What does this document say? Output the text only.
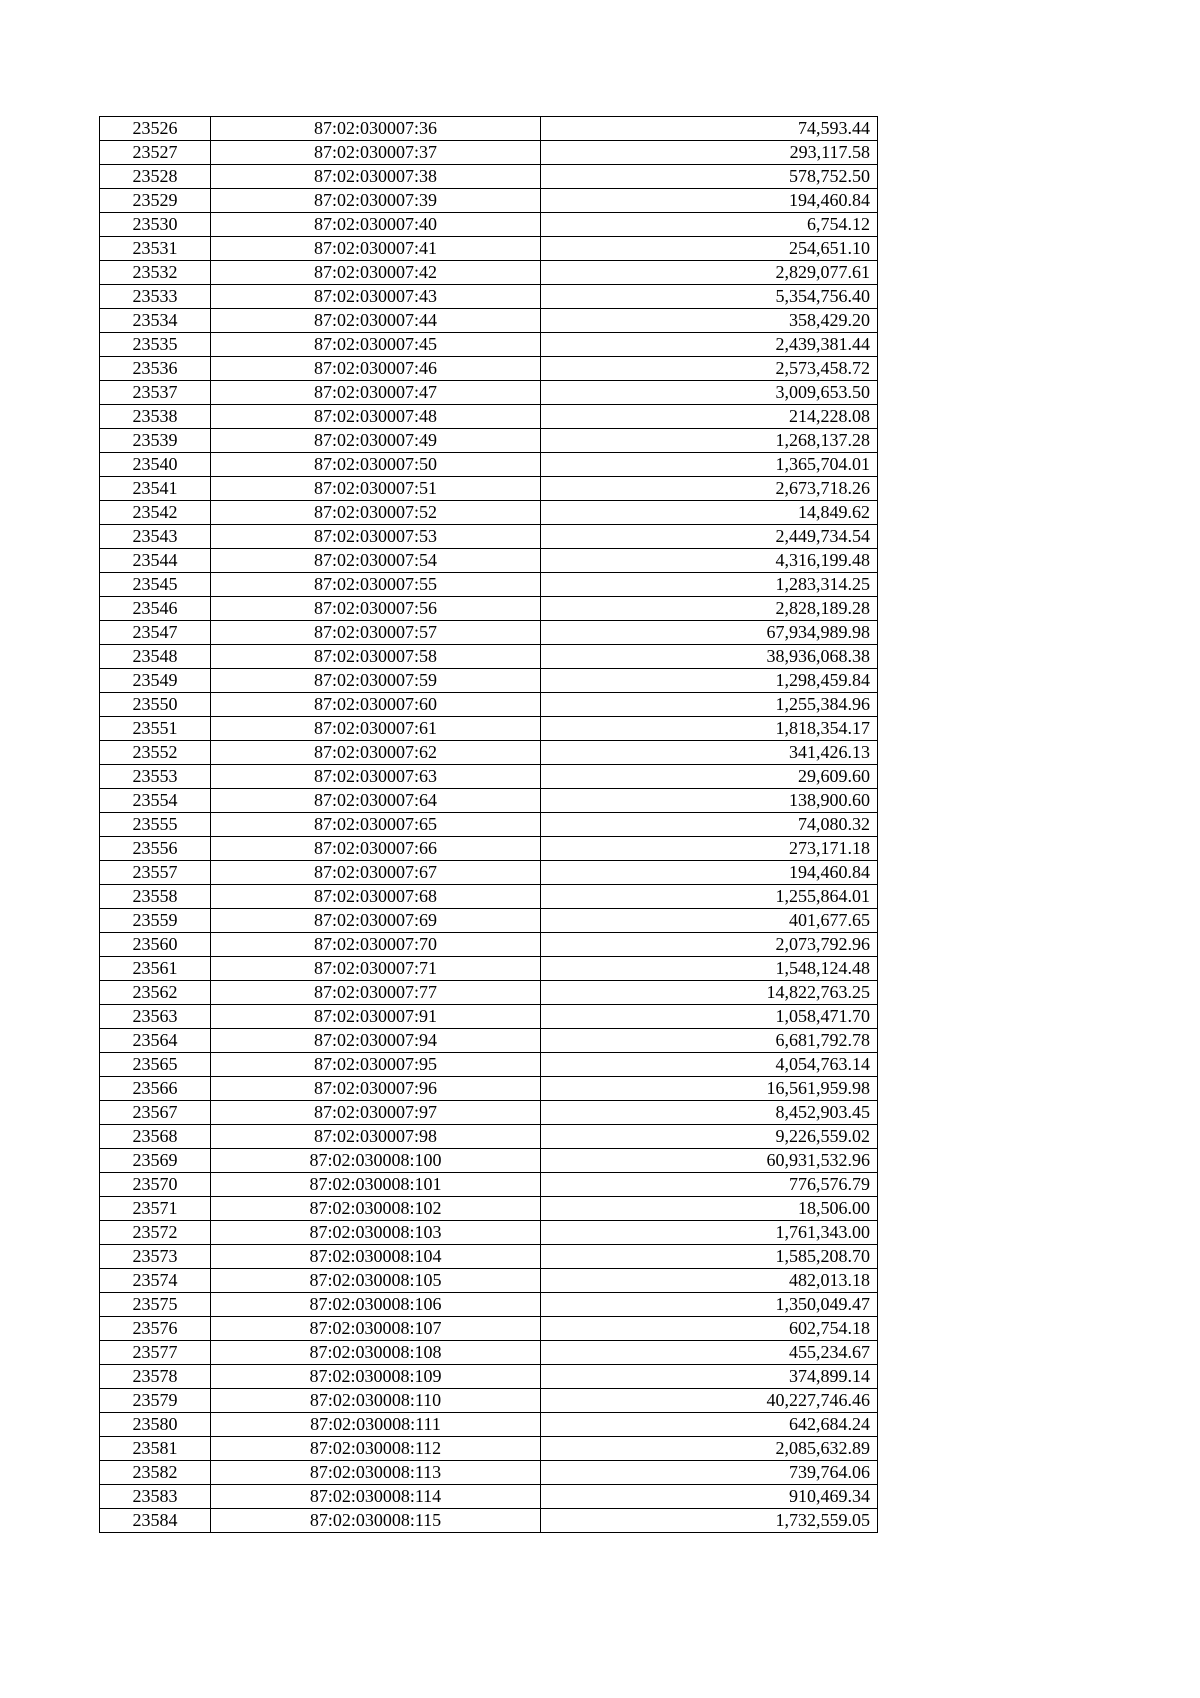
23526	87:02:030007:36	74,593.44
23527	87:02:030007:37	293,117.58
23528	87:02:030007:38	578,752.50
23529	87:02:030007:39	194,460.84
23530	87:02:030007:40	6,754.12
23531	87:02:030007:41	254,651.10
23532	87:02:030007:42	2,829,077.61
23533	87:02:030007:43	5,354,756.40
23534	87:02:030007:44	358,429.20
23535	87:02:030007:45	2,439,381.44
23536	87:02:030007:46	2,573,458.72
23537	87:02:030007:47	3,009,653.50
23538	87:02:030007:48	214,228.08
23539	87:02:030007:49	1,268,137.28
23540	87:02:030007:50	1,365,704.01
23541	87:02:030007:51	2,673,718.26
23542	87:02:030007:52	14,849.62
23543	87:02:030007:53	2,449,734.54
23544	87:02:030007:54	4,316,199.48
23545	87:02:030007:55	1,283,314.25
23546	87:02:030007:56	2,828,189.28
23547	87:02:030007:57	67,934,989.98
23548	87:02:030007:58	38,936,068.38
23549	87:02:030007:59	1,298,459.84
23550	87:02:030007:60	1,255,384.96
23551	87:02:030007:61	1,818,354.17
23552	87:02:030007:62	341,426.13
23553	87:02:030007:63	29,609.60
23554	87:02:030007:64	138,900.60
23555	87:02:030007:65	74,080.32
23556	87:02:030007:66	273,171.18
23557	87:02:030007:67	194,460.84
23558	87:02:030007:68	1,255,864.01
23559	87:02:030007:69	401,677.65
23560	87:02:030007:70	2,073,792.96
23561	87:02:030007:71	1,548,124.48
23562	87:02:030007:77	14,822,763.25
23563	87:02:030007:91	1,058,471.70
23564	87:02:030007:94	6,681,792.78
23565	87:02:030007:95	4,054,763.14
23566	87:02:030007:96	16,561,959.98
23567	87:02:030007:97	8,452,903.45
23568	87:02:030007:98	9,226,559.02
23569	87:02:030008:100	60,931,532.96
23570	87:02:030008:101	776,576.79
23571	87:02:030008:102	18,506.00
23572	87:02:030008:103	1,761,343.00
23573	87:02:030008:104	1,585,208.70
23574	87:02:030008:105	482,013.18
23575	87:02:030008:106	1,350,049.47
23576	87:02:030008:107	602,754.18
23577	87:02:030008:108	455,234.67
23578	87:02:030008:109	374,899.14
23579	87:02:030008:110	40,227,746.46
23580	87:02:030008:111	642,684.24
23581	87:02:030008:112	2,085,632.89
23582	87:02:030008:113	739,764.06
23583	87:02:030008:114	910,469.34
23584	87:02:030008:115	1,732,559.05
